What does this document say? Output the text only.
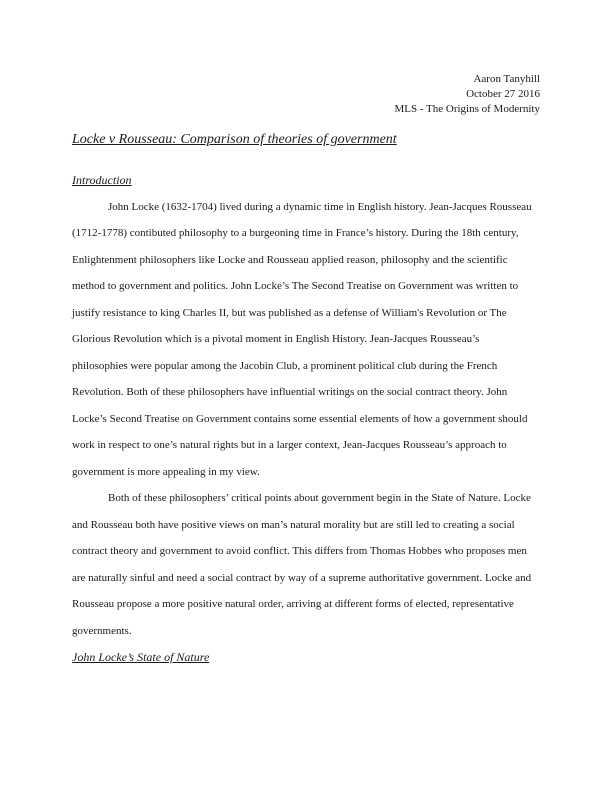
Aaron Tanyhill
October 27 2016
MLS - The Origins of Modernity
Locke v Rousseau: Comparison of theories of government
Introduction
John Locke (1632-1704) lived during a dynamic time in English history. Jean-Jacques Rousseau
(1712-1778) contibuted philosophy to a burgeoning time in France’s history. During the 18th century,
Enlightenment philosophers like Locke and Rousseau applied reason, philosophy and the scientific
method to government and politics. John Locke’s The Second Treatise on Government was written to
justify resistance to king Charles II, but was published as a defense of William's Revolution or The
Glorious Revolution which is a pivotal moment in English History. Jean-Jacques Rousseau’s
philosophies were popular among the Jacobin Club, a prominent political club during the French
Revolution. Both of these philosophers have influential writings on the social contract theory. John
Locke’s Second Treatise on Government contains some essential elements of how a government should
work in respect to one’s natural rights but in a larger context, Jean-Jacques Rousseau’s approach to
government is more appealing in my view.
Both of these philosophers’ critical points about government begin in the State of Nature. Locke
and Rousseau both have positive views on man’s natural morality but are still led to creating a social
contract theory and government to avoid conflict. This differs from Thomas Hobbes who proposes men
are naturally sinful and need a social contract by way of a supreme authoritative government. Locke and
Rousseau propose a more positive natural order, arriving at different forms of elected, representative
governments.
John Locke’s State of Nature
